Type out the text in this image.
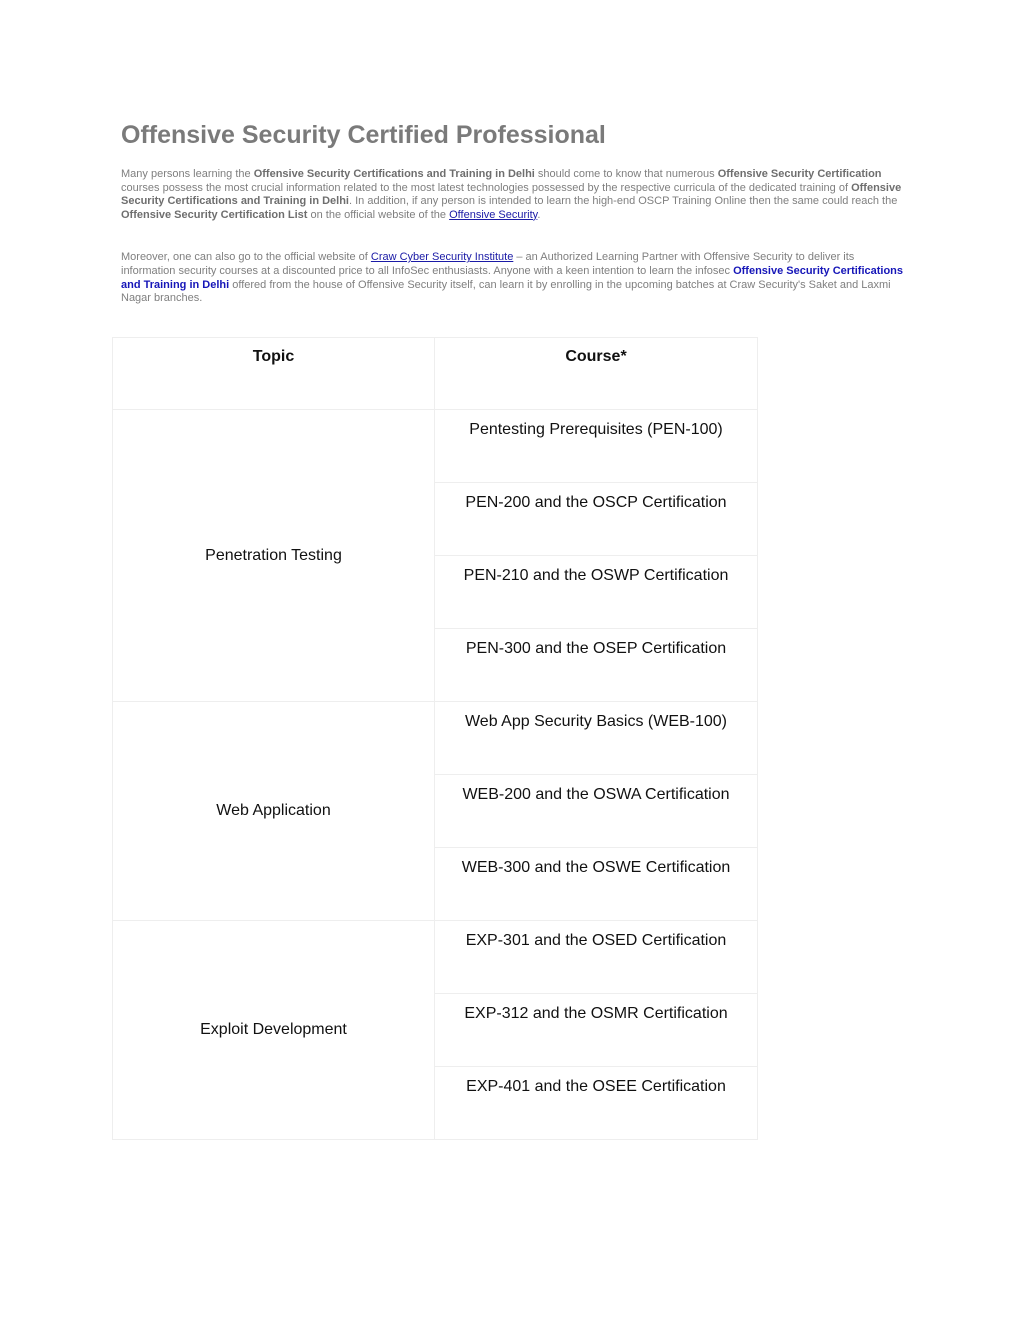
Offensive Security Certified Professional

Many persons learning the Offensive Security Certifications and Training in Delhi should come to know that numerous Offensive Security Certification courses possess the most crucial information related to the most latest technologies possessed by the respective curricula of the dedicated training of Offensive Security Certifications and Training in Delhi. In addition, if any person is intended to learn the high-end OSCP Training Online then the same could reach the Offensive Security Certification List on the official website of the Offensive Security.

Moreover, one can also go to the official website of Craw Cyber Security Institute – an Authorized Learning Partner with Offensive Security to deliver its information security courses at a discounted price to all InfoSec enthusiasts. Anyone with a keen intention to learn the infosec Offensive Security Certifications and Training in Delhi offered from the house of Offensive Security itself, can learn it by enrolling in the upcoming batches at Craw Security's Saket and Laxmi Nagar branches.

Topic	Course*
Penetration Testing	Pentesting Prerequisites (PEN-100)
	PEN-200 and the OSCP Certification
	PEN-210 and the OSWP Certification
	PEN-300 and the OSEP Certification
Web Application	Web App Security Basics (WEB-100)
	WEB-200 and the OSWA Certification
	WEB-300 and the OSWE Certification
Exploit Development	EXP-301 and the OSED Certification
	EXP-312 and the OSMR Certification
	EXP-401 and the OSEE Certification
